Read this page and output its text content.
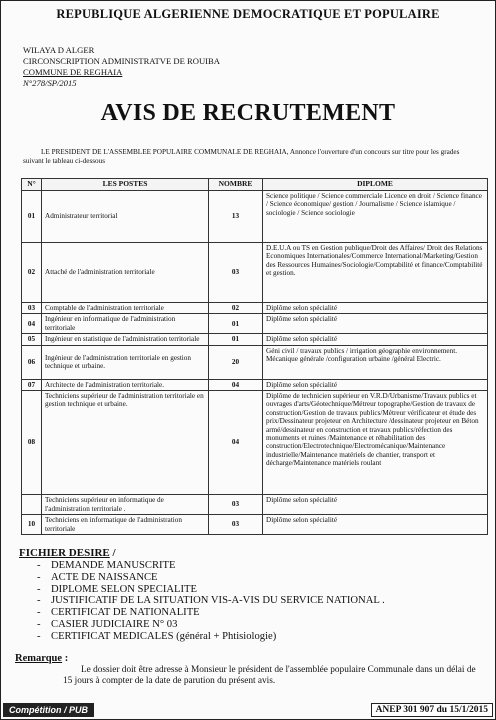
REPUBLIQUE ALGERIENNE DEMOCRATIQUE ET POPULAIRE
WILAYA D ALGER
CIRCONSCRIPTION ADMINISTRATVE DE ROUIBA
COMMUNE DE REGHAIA
N°278/SP/2015
AVIS DE RECRUTEMENT
LE PRESIDENT DE L'ASSEMBLEE POPULAIRE COMMUNALE DE REGHAIA, Annonce l'ouverture d'un concours sur titre pour les grades suivant le tableau ci-dessous
N°	LES POSTES	NOMBRE	DIPLOME
01	Administrateur territorial	13	Science politique / Science commerciale Licence en droit / Science finance / Science économique/ gestion / Journalisme / Science islamique / sociologie / Science sociologie
02	Attaché de l'administration territoriale	03	D.E.U.A ou TS en Gestion publique/Droit des Affaires/ Droit des Relations Economiques Internationales/Commerce International/Marketing/Gestion des Ressources Humaines/Sociologie/Comptabilité et finance/Comptabilité et gestion.
03	Comptable de l'administration territoriale	02	Diplôme selon spécialité
04	Ingénieur en informatique de l'administration territoriale	01	Diplôme selon spécialité
05	Ingénieur en statistique de l'administration territoriale	01	Diplôme selon spécialité
06	Ingénieur de l'administration territoriale en gestion technique et urbaine.	20	Géni civil / travaux publics / irrigation géographie environnement. Mécanique générale /configuration urbaine /général Electric.
07	Architecte de l'administration territoriale.	04	Diplôme selon spécialité
08	Techniciens supérieur de l'administration territoriale en gestion technique et urbaine.	04	Diplôme de technicien supérieur en V.R.D/Urbanisme/Travaux publics et ouvrages d'arts/Géotechnique/Métreur topographe/Gestion de travaux de construction/Gestion de travaux publics/Métreur vérificateur et étude des prix/Dessinateur projeteur en Architecture /dessinateur projeteur en Béton armé/dessinateur en construction et travaux publics/réfection des monuments et ruines /Maintenance et réhabilitation des construction/Electrotechnique/Electromécanique/Maintenance industrielle/Maintenance matériels de chantier, transport et décharge/Maintenance matériels roulant
	Techniciens supérieur en informatique de l'administration territoriale .	03	Diplôme selon spécialité
10	Techniciens en informatique de l'administration territoriale	03	Diplôme selon spécialité
FICHIER DESIRE /
- DEMANDE MANUSCRITE
- ACTE DE NAISSANCE
- DIPLOME SELON SPECIALITE
- JUSTIFICATIF DE LA SITUATION VIS-A-VIS DU SERVICE NATIONAL .
- CERTIFICAT DE NATIONALITE
- CASIER JUDICIAIRE N° 03
- CERTIFICAT MEDICALES (général + Phtisiologie)
Remarque :
Le dossier doit être adresse à Monsieur le président de l'assemblée populaire Communale dans un délai de 15 jours à compter de la date de parution du présent avis.
Compétition / PUB	ANEP 301 907 du 15/1/2015
